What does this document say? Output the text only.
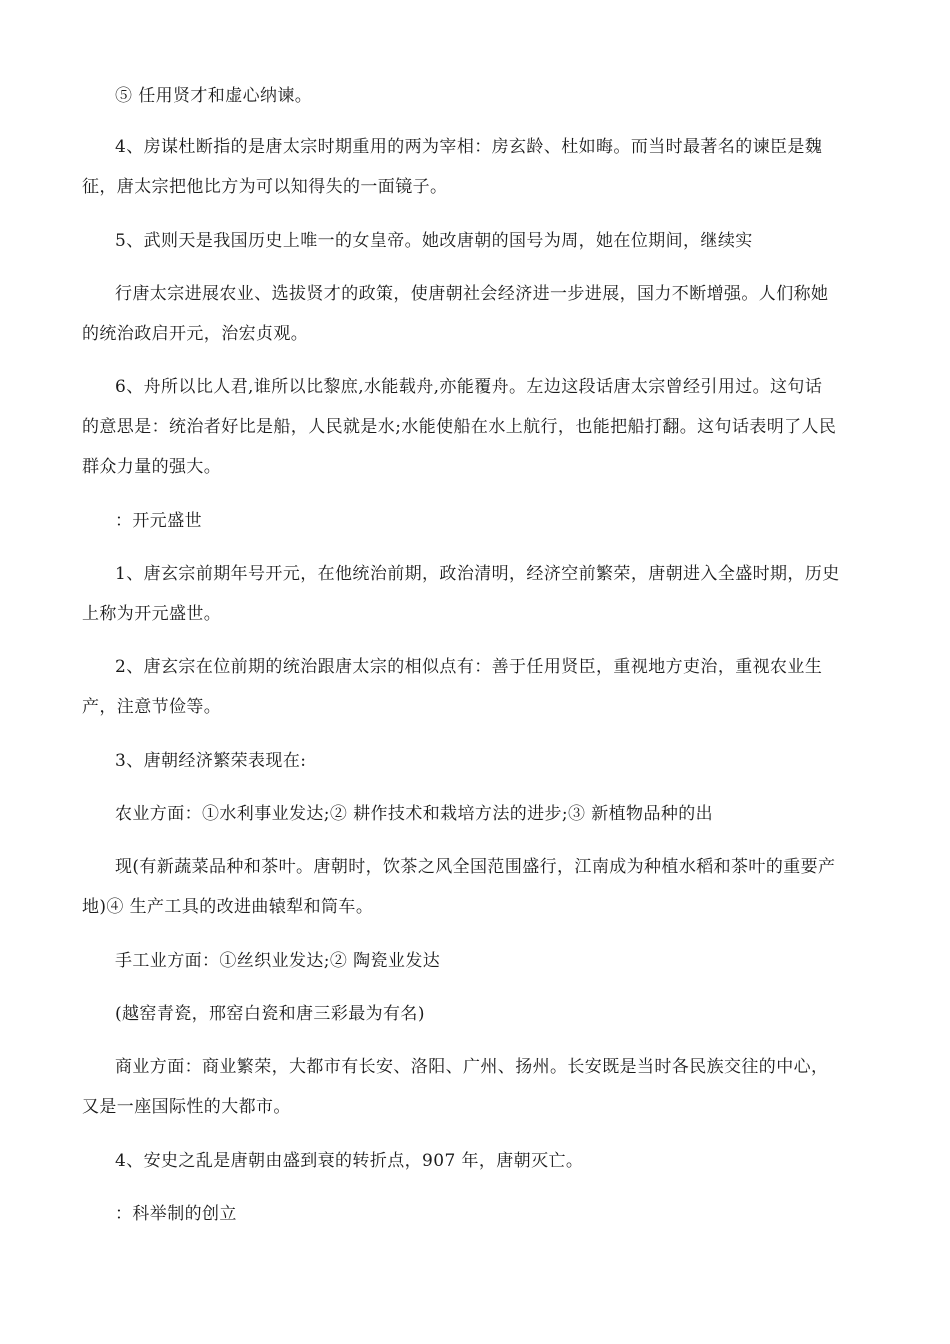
⑤ 任用贤才和虚心纳谏。
4、房谋杜断指的是唐太宗时期重用的两为宰相：房玄龄、杜如晦。而当时最著名的谏臣是魏
征，唐太宗把他比方为可以知得失的一面镜子。
5、武则天是我国历史上唯一的女皇帝。她改唐朝的国号为周，她在位期间，继续实
行唐太宗进展农业、选拔贤才的政策，使唐朝社会经济进一步进展，国力不断增强。人们称她
的统治政启开元，治宏贞观。
6、舟所以比人君,谁所以比黎庶,水能载舟,亦能覆舟。左边这段话唐太宗曾经引用过。这句话
的意思是：统治者好比是船，人民就是水;水能使船在水上航行，也能把船打翻。这句话表明了人民
群众力量的强大。
：开元盛世
1、唐玄宗前期年号开元，在他统治前期，政治清明，经济空前繁荣，唐朝进入全盛时期，历史
上称为开元盛世。
2、唐玄宗在位前期的统治跟唐太宗的相似点有：善于任用贤臣，重视地方吏治，重视农业生
产，注意节俭等。
3、唐朝经济繁荣表现在:
农业方面：①水利事业发达;② 耕作技术和栽培方法的进步;③ 新植物品种的出
现(有新蔬菜品种和茶叶。唐朝时，饮茶之风全国范围盛行，江南成为种植水稻和茶叶的重要产
地)④ 生产工具的改进曲辕犁和筒车。
手工业方面：①丝织业发达;② 陶瓷业发达
(越窑青瓷，邢窑白瓷和唐三彩最为有名)
商业方面：商业繁荣，大都市有长安、洛阳、广州、扬州。长安既是当时各民族交往的中心，
又是一座国际性的大都市。
4、安史之乱是唐朝由盛到衰的转折点，907 年，唐朝灭亡。
：科举制的创立
